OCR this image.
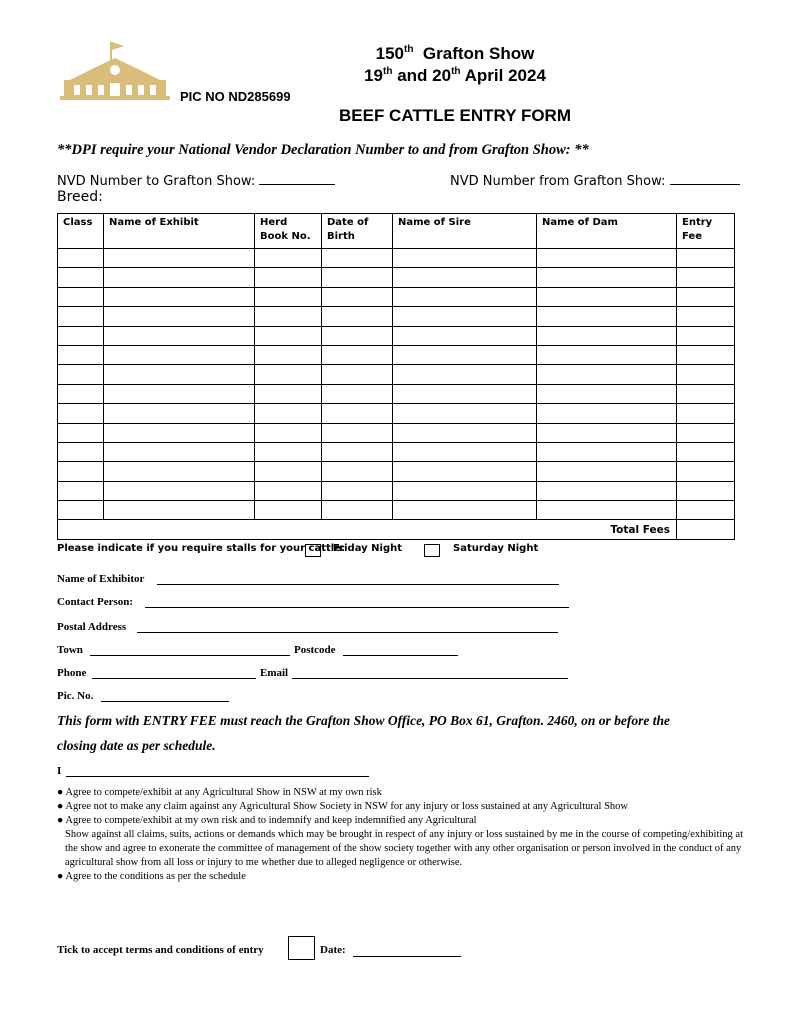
150th Grafton Show
19th and 20th April 2024
PIC NO ND285699
BEEF CATTLE ENTRY FORM
**DPI require your National Vendor Declaration Number to and from Grafton Show: **
NVD Number to Grafton Show:	NVD Number from Grafton Show:
Breed:
Class	Name of Exhibit	Herd Book No.	Date of Birth	Name of Sire	Name of Dam	Entry Fee

Total Fees						
Please indicate if you require stalls for your cattle:
Friday Night	Saturday Night
Name of Exhibitor
Contact Person:
Postal Address
Town	Postcode
Phone	Email
Pic. No.
This form with ENTRY FEE must reach the Grafton Show Office, PO Box 61, Grafton. 2460, on or before the
closing date as per schedule.
I
● Agree to compete/exhibit at any Agricultural Show in NSW at my own risk
● Agree not to make any claim against any Agricultural Show Society in NSW for any injury or loss sustained at any Agricultural Show
● Agree to compete/exhibit at my own risk and to indemnify and keep indemnified any Agricultural
Show against all claims, suits, actions or demands which may be brought in respect of any injury or loss sustained by me in the course of competing/exhibiting at the show and agree to exonerate the committee of management of the show society together with any other organisation or person involved in the conduct of any agricultural show from all loss or injury to me whether due to alleged negligence or otherwise.
● Agree to the conditions as per the schedule
Tick to accept terms and conditions of entry	Date:
